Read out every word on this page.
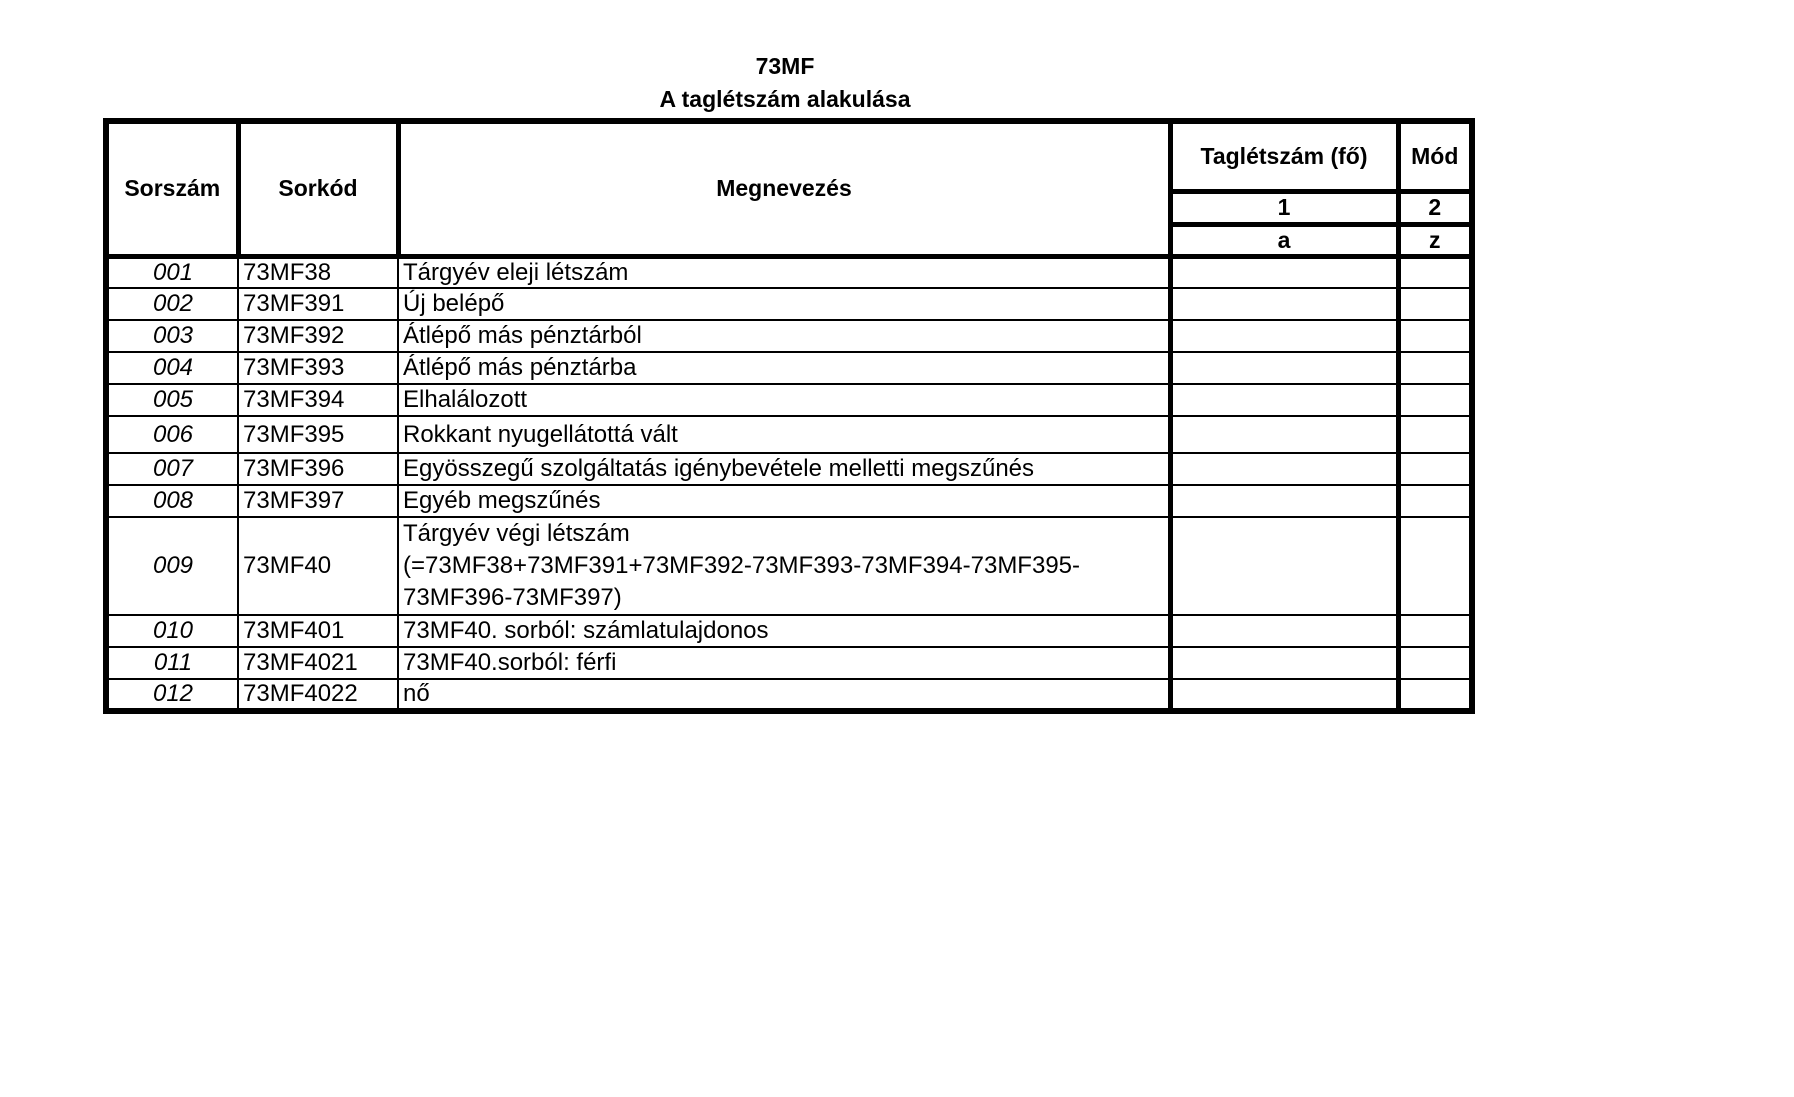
73MF
A taglétszám alakulása
Sorszám	Sorkód	Megnevezés	Taglétszám (fő)	Mód
			1	2
			a	z
001	73MF38	Tárgyév eleji létszám		
002	73MF391	Új belépő		
003	73MF392	Átlépő más pénztárból		
004	73MF393	Átlépő más pénztárba		
005	73MF394	Elhalálozott		
006	73MF395	Rokkant nyugellátottá vált		
007	73MF396	Egyösszegű szolgáltatás igénybevétele melletti megszűnés		
008	73MF397	Egyéb megszűnés		
009	73MF40	Tárgyév végi létszám
(=73MF38+73MF391+73MF392-73MF393-73MF394-73MF395-
73MF396-73MF397)		

010	73MF401	73MF40. sorból: számlatulajdonos		
011	73MF4021	73MF40.sorból: férfi		
012	73MF4022	nő		
